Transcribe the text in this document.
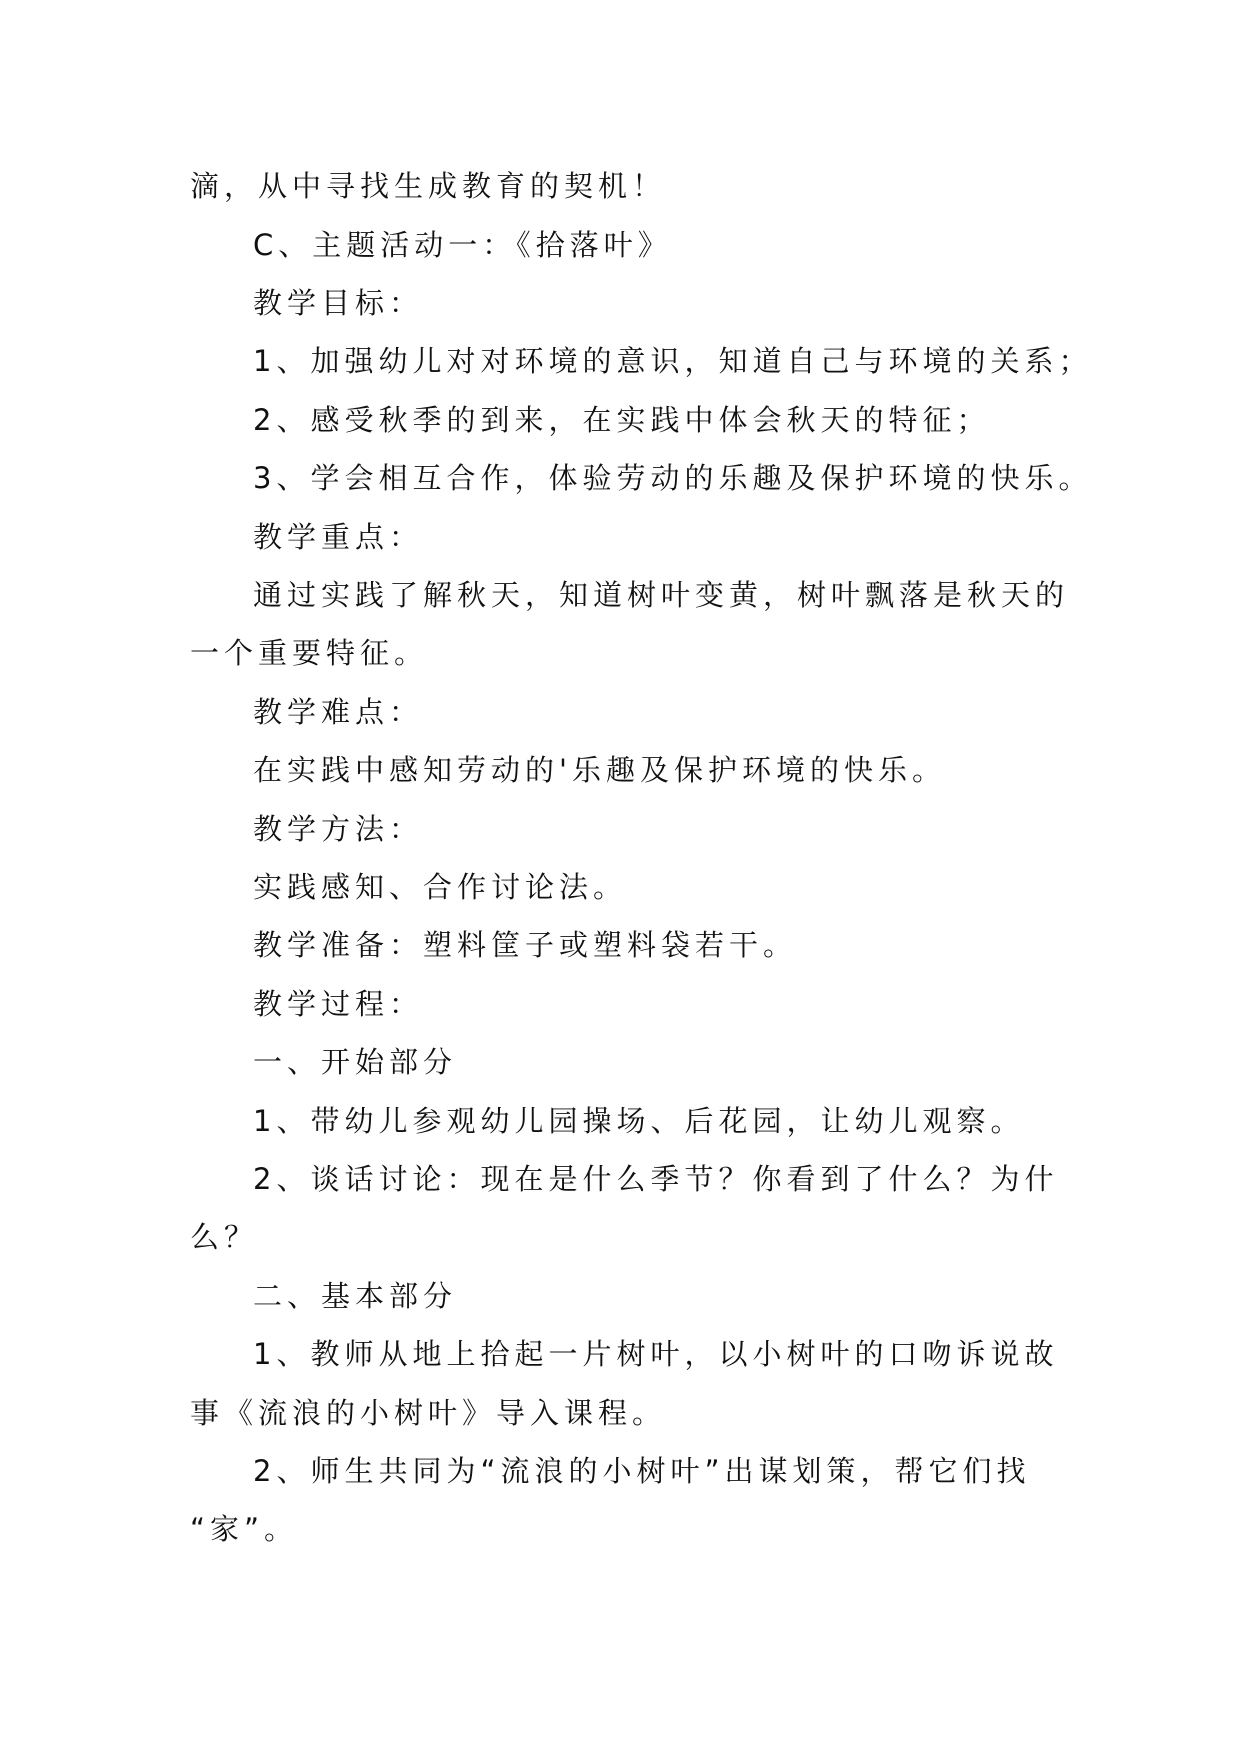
滴，从中寻找生成教育的契机！
C、主题活动一：《拾落叶》
教学目标：
1、加强幼儿对对环境的意识，知道自己与环境的关系；
2、感受秋季的到来，在实践中体会秋天的特征；
3、学会相互合作，体验劳动的乐趣及保护环境的快乐。
教学重点：
通过实践了解秋天，知道树叶变黄，树叶飘落是秋天的
一个重要特征。
教学难点：
在实践中感知劳动的'乐趣及保护环境的快乐。
教学方法：
实践感知、合作讨论法。
教学准备：塑料筐子或塑料袋若干。
教学过程：
一、开始部分
1、带幼儿参观幼儿园操场、后花园，让幼儿观察。
2、谈话讨论：现在是什么季节？你看到了什么？为什
么？
二、基本部分
1、教师从地上拾起一片树叶，以小树叶的口吻诉说故
事《流浪的小树叶》导入课程。
2、师生共同为“流浪的小树叶”出谋划策，帮它们找
“家”。
